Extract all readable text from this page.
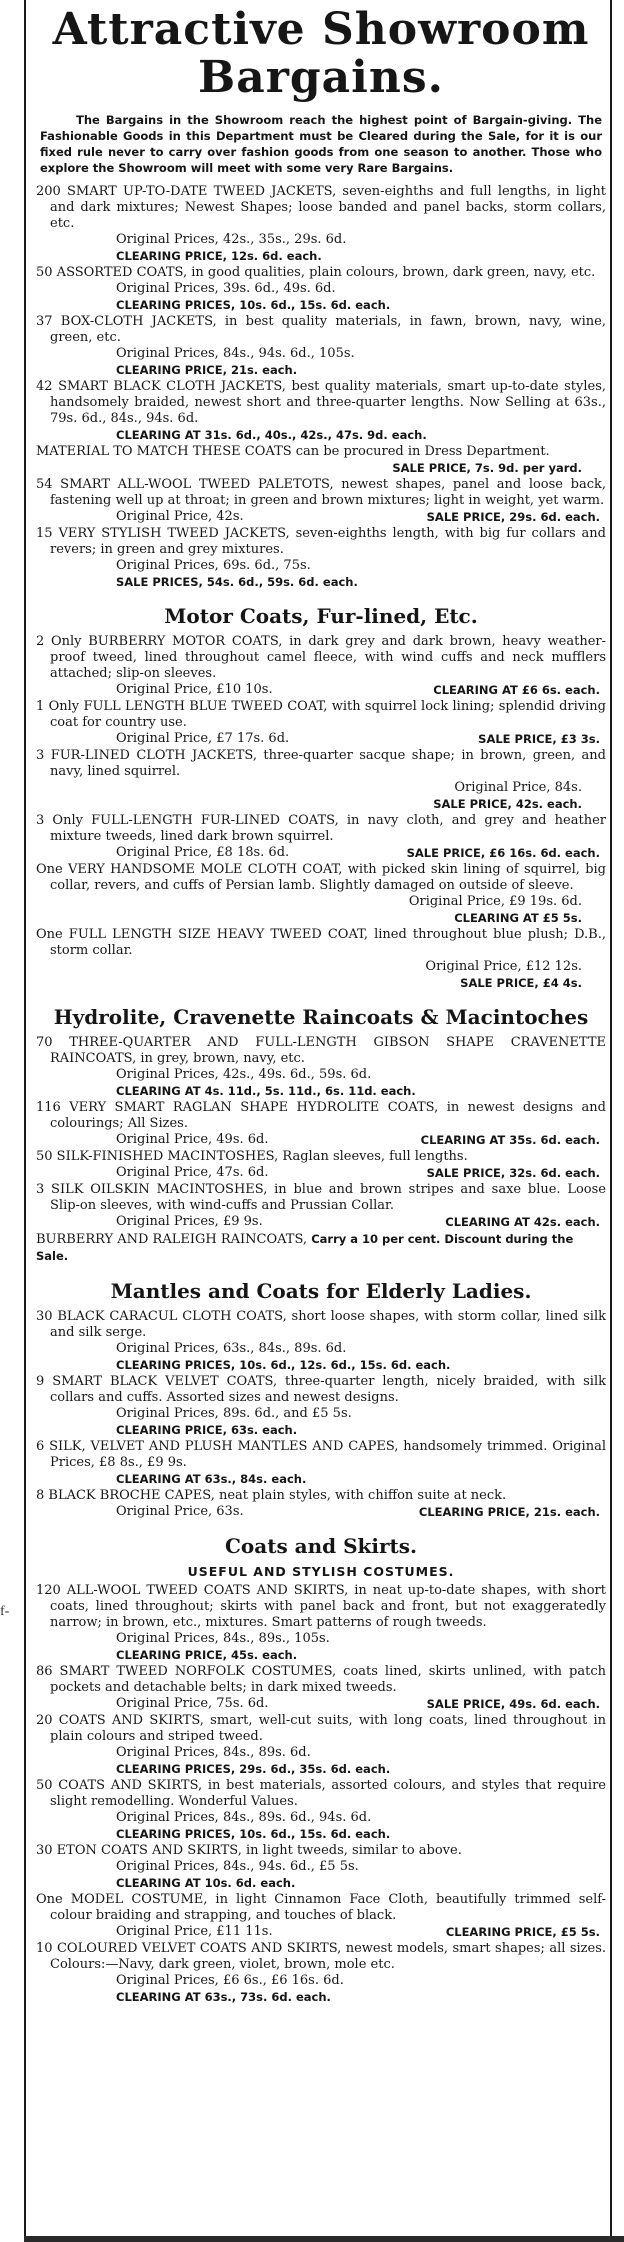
f-
Attractive Showroom
Bargains.
The Bargains in the Showroom reach the highest point of Bargain-giving. The Fashionable Goods in this Department must be Cleared during the Sale, for it is our fixed rule never to carry over fashion goods from one season to another. Those who explore the Showroom will meet with some very Rare Bargains.
200 SMART UP-TO-DATE TWEED JACKETS, seven-eighths and full lengths, in light and dark mixtures; Newest Shapes; loose banded and panel backs, storm collars, etc.
Original Prices, 42s., 35s., 29s. 6d.
CLEARING PRICE, 12s. 6d. each.
50 ASSORTED COATS, in good qualities, plain colours, brown, dark green, navy, etc.
Original Prices, 39s. 6d., 49s. 6d.
CLEARING PRICES, 10s. 6d., 15s. 6d. each.
37 BOX-CLOTH JACKETS, in best quality materials, in fawn, brown, navy, wine, green, etc.
Original Prices, 84s., 94s. 6d., 105s.
CLEARING PRICE, 21s. each.
42 SMART BLACK CLOTH JACKETS, best quality materials, smart up-to-date styles, handsomely braided, newest short and three-quarter lengths. Now Selling at 63s., 79s. 6d., 84s., 94s. 6d.
CLEARING AT 31s. 6d., 40s., 42s., 47s. 9d. each.
MATERIAL TO MATCH THESE COATS can be procured in Dress Department.
SALE PRICE, 7s. 9d. per yard.
54 SMART ALL-WOOL TWEED PALETOTS, newest shapes, panel and loose back, fastening well up at throat; in green and brown mixtures; light in weight, yet warm.
Original Price, 42s.	SALE PRICE, 29s. 6d. each.
15 VERY STYLISH TWEED JACKETS, seven-eighths length, with big fur collars and revers; in green and grey mixtures.
Original Prices, 69s. 6d., 75s.
SALE PRICES, 54s. 6d., 59s. 6d. each.
Motor Coats, Fur-lined, Etc.
2 Only BURBERRY MOTOR COATS, in dark grey and dark brown, heavy weather-proof tweed, lined throughout camel fleece, with wind cuffs and neck mufflers attached; slip-on sleeves.
Original Price, £10 10s.	CLEARING AT £6 6s. each.
1 Only FULL LENGTH BLUE TWEED COAT, with squirrel lock lining; splendid driving coat for country use.
Original Price, £7 17s. 6d.	SALE PRICE, £3 3s.
3 FUR-LINED CLOTH JACKETS, three-quarter sacque shape; in brown, green, and navy, lined squirrel.
Original Price, 84s.
SALE PRICE, 42s. each.
3 Only FULL-LENGTH FUR-LINED COATS, in navy cloth, and grey and heather mixture tweeds, lined dark brown squirrel.
Original Price, £8 18s. 6d.	SALE PRICE, £6 16s. 6d. each.
One VERY HANDSOME MOLE CLOTH COAT, with picked skin lining of squirrel, big collar, revers, and cuffs of Persian lamb. Slightly damaged on outside of sleeve.
Original Price, £9 19s. 6d.
CLEARING AT £5 5s.
One FULL LENGTH SIZE HEAVY TWEED COAT, lined throughout blue plush; D.B., storm collar.
Original Price, £12 12s.
SALE PRICE, £4 4s.
Hydrolite, Cravenette Raincoats & Macintoches
70 THREE-QUARTER AND FULL-LENGTH GIBSON SHAPE CRAVENETTE RAINCOATS, in grey, brown, navy, etc.
Original Prices, 42s., 49s. 6d., 59s. 6d.
CLEARING AT 4s. 11d., 5s. 11d., 6s. 11d. each.
116 VERY SMART RAGLAN SHAPE HYDROLITE COATS, in newest designs and colourings; All Sizes.
Original Price, 49s. 6d.	CLEARING AT 35s. 6d. each.
50 SILK-FINISHED MACINTOSHES, Raglan sleeves, full lengths.
Original Price, 47s. 6d.	SALE PRICE, 32s. 6d. each.
3 SILK OILSKIN MACINTOSHES, in blue and brown stripes and saxe blue. Loose Slip-on sleeves, with wind-cuffs and Prussian Collar.
Original Prices, £9 9s.	CLEARING AT 42s. each.
BURBERRY AND RALEIGH RAINCOATS, Carry a 10 per cent. Discount during the Sale.
Mantles and Coats for Elderly Ladies.
30 BLACK CARACUL CLOTH COATS, short loose shapes, with storm collar, lined silk and silk serge.
Original Prices, 63s., 84s., 89s. 6d.
CLEARING PRICES, 10s. 6d., 12s. 6d., 15s. 6d. each.
9 SMART BLACK VELVET COATS, three-quarter length, nicely braided, with silk collars and cuffs. Assorted sizes and newest designs.
Original Prices, 89s. 6d., and £5 5s.
CLEARING PRICE, 63s. each.
6 SILK, VELVET AND PLUSH MANTLES AND CAPES, handsomely trimmed. Original Prices, £8 8s., £9 9s.
CLEARING AT 63s., 84s. each.
8 BLACK BROCHE CAPES, neat plain styles, with chiffon suite at neck.
Original Price, 63s.	CLEARING PRICE, 21s. each.
Coats and Skirts.
USEFUL AND STYLISH COSTUMES.
120 ALL-WOOL TWEED COATS AND SKIRTS, in neat up-to-date shapes, with short coats, lined throughout; skirts with panel back and front, but not exaggeratedly narrow; in brown, etc., mixtures. Smart patterns of rough tweeds.
Original Prices, 84s., 89s., 105s.
CLEARING PRICE, 45s. each.
86 SMART TWEED NORFOLK COSTUMES, coats lined, skirts unlined, with patch pockets and detachable belts; in dark mixed tweeds.
Original Price, 75s. 6d.	SALE PRICE, 49s. 6d. each.
20 COATS AND SKIRTS, smart, well-cut suits, with long coats, lined throughout in plain colours and striped tweed.
Original Prices, 84s., 89s. 6d.
CLEARING PRICES, 29s. 6d., 35s. 6d. each.
50 COATS AND SKIRTS, in best materials, assorted colours, and styles that require slight remodelling. Wonderful Values.
Original Prices, 84s., 89s. 6d., 94s. 6d.
CLEARING PRICES, 10s. 6d., 15s. 6d. each.
30 ETON COATS AND SKIRTS, in light tweeds, similar to above.
Original Prices, 84s., 94s. 6d., £5 5s.
CLEARING AT 10s. 6d. each.
One MODEL COSTUME, in light Cinnamon Face Cloth, beautifully trimmed self-colour braiding and strapping, and touches of black.
Original Price, £11 11s.	CLEARING PRICE, £5 5s.
10 COLOURED VELVET COATS AND SKIRTS, newest models, smart shapes; all sizes. Colours:—Navy, dark green, violet, brown, mole etc.
Original Prices, £6 6s., £6 16s. 6d.
CLEARING AT 63s., 73s. 6d. each.
